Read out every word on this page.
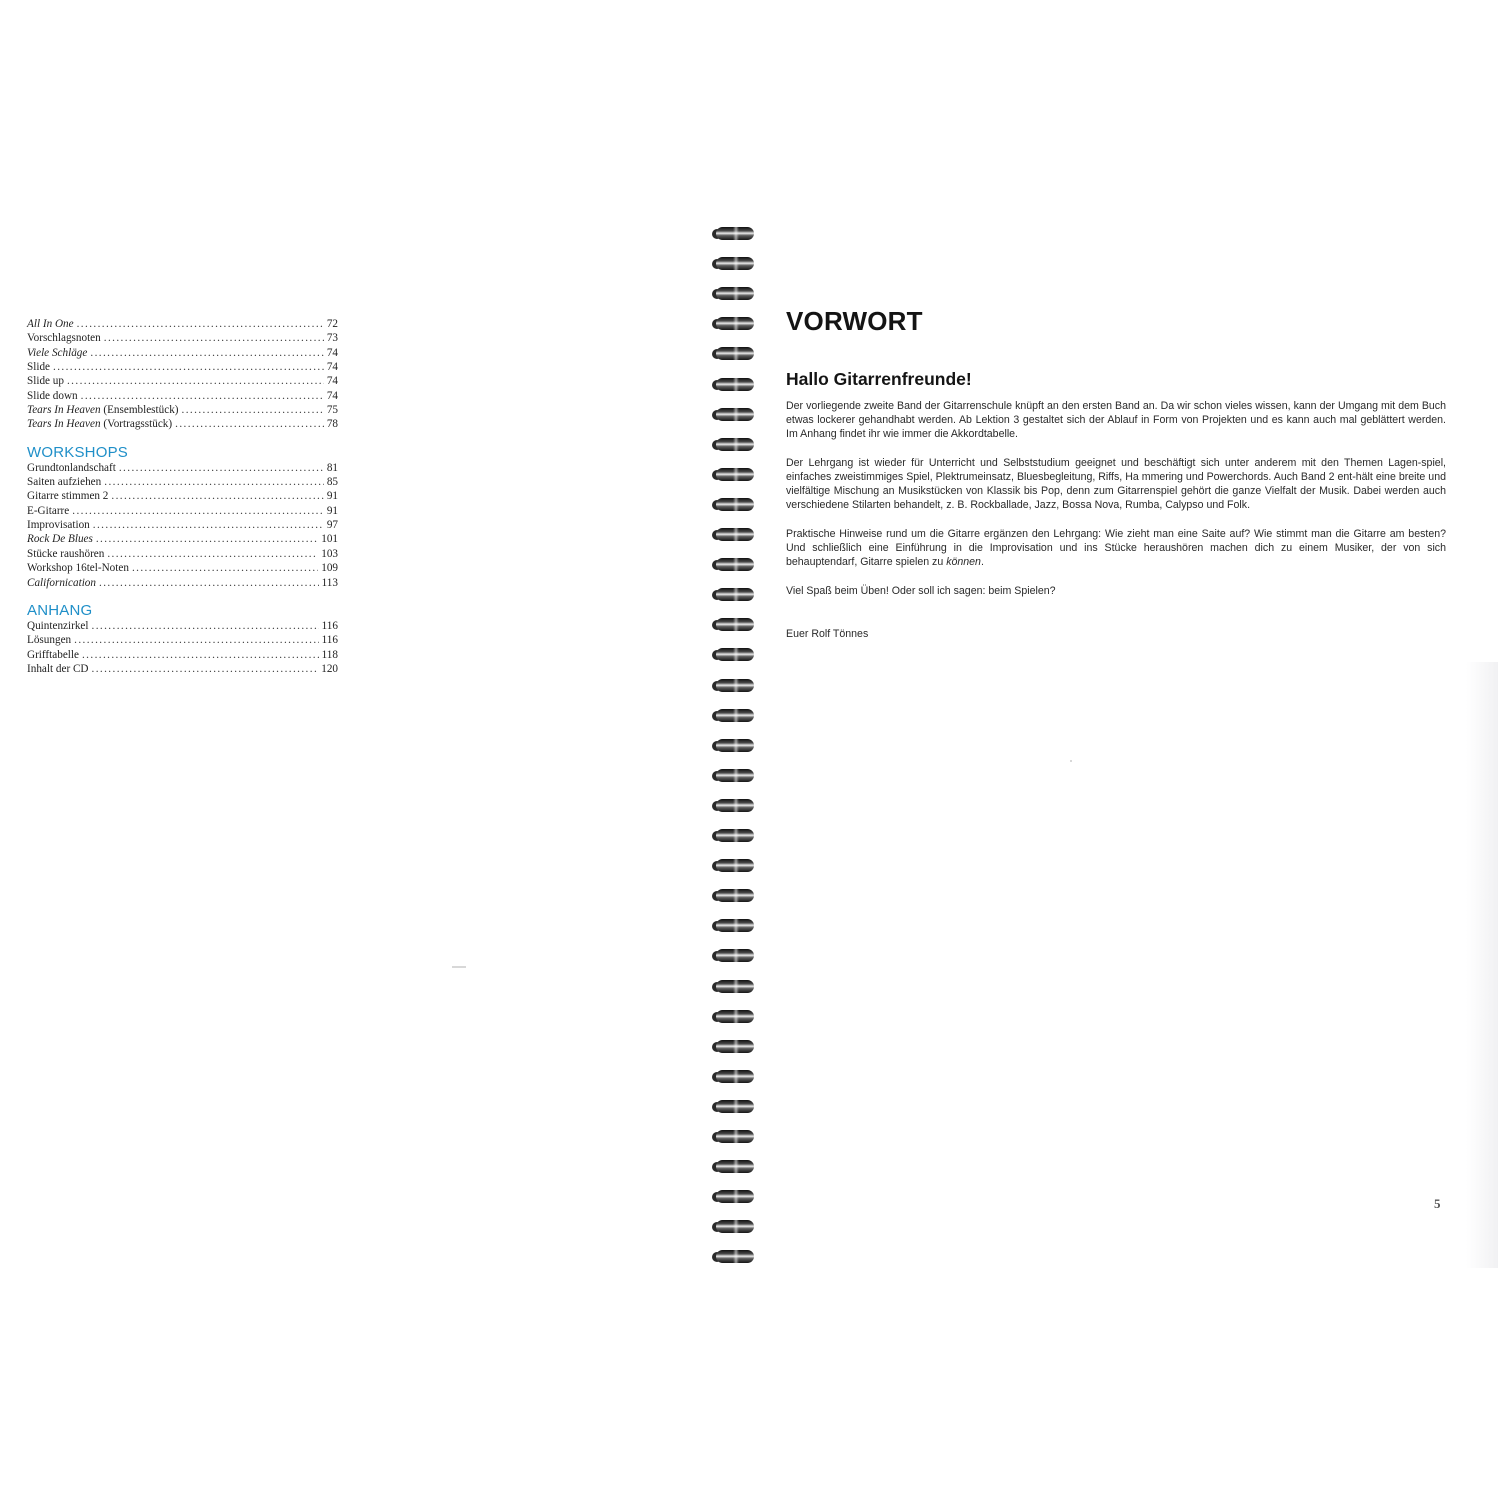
All In One .....	72
Vorschlagsnoten .....	73
Viele Schläge .....	74
Slide .....	74
Slide up .....	74
Slide down .....	74
Tears In Heaven (Ensemblestück) .....	75
Tears In Heaven (Vortragsstück) .....	78
WORKSHOPS
Grundtonlandschaft .....	81
Saiten aufziehen .....	85
Gitarre stimmen 2 .....	91
E-Gitarre .....	91
Improvisation .....	97
Rock De Blues .....	101
Stücke raushören .....	103
Workshop 16tel-Noten .....	109
Californication .....	113
ANHANG
Quintenzirkel .....	116
Lösungen .....	116
Grifftabelle .....	118
Inhalt der CD .....	120
VORWORT
Hallo Gitarrenfreunde!

Der vorliegende zweite Band der Gitarrenschule knüpft an den ersten Band an. Da wir schon vieles wissen, kann der Umgang mit dem Buch etwas lockerer gehandhabt werden. Ab Lektion 3 gestaltet sich der Ablauf in Form von Projekten und es kann auch mal geblättert werden. Im Anhang findet ihr wie immer die Akkordtabelle.

Der Lehrgang ist wieder für Unterricht und Selbststudium geeignet und beschäftigt sich unter anderem mit den Themen Lagen-spiel, einfaches zweistimmiges Spiel, Plektrumeinsatz, Bluesbegleitung, Riffs, Ha mmering und Powerchords. Auch Band 2 ent-hält eine breite und vielfältige Mischung an Musikstücken von Klassik bis Pop, denn zum Gitarrenspiel gehört die ganze Vielfalt der Musik. Dabei werden auch verschiedene Stilarten behandelt, z. B. Rockballade, Jazz, Bossa Nova, Rumba, Calypso und Folk.

Praktische Hinweise rund um die Gitarre ergänzen den Lehrgang: Wie zieht man eine Saite auf? Wie stimmt man die Gitarre am besten? Und schließlich eine Einführung in die Improvisation und ins Stücke heraushören machen dich zu einem Musiker, der von sich behauptendarf, Gitarre spielen zu können.

Viel Spaß beim Üben! Oder soll ich sagen: beim Spielen?

Euer Rolf Tönnes
5
